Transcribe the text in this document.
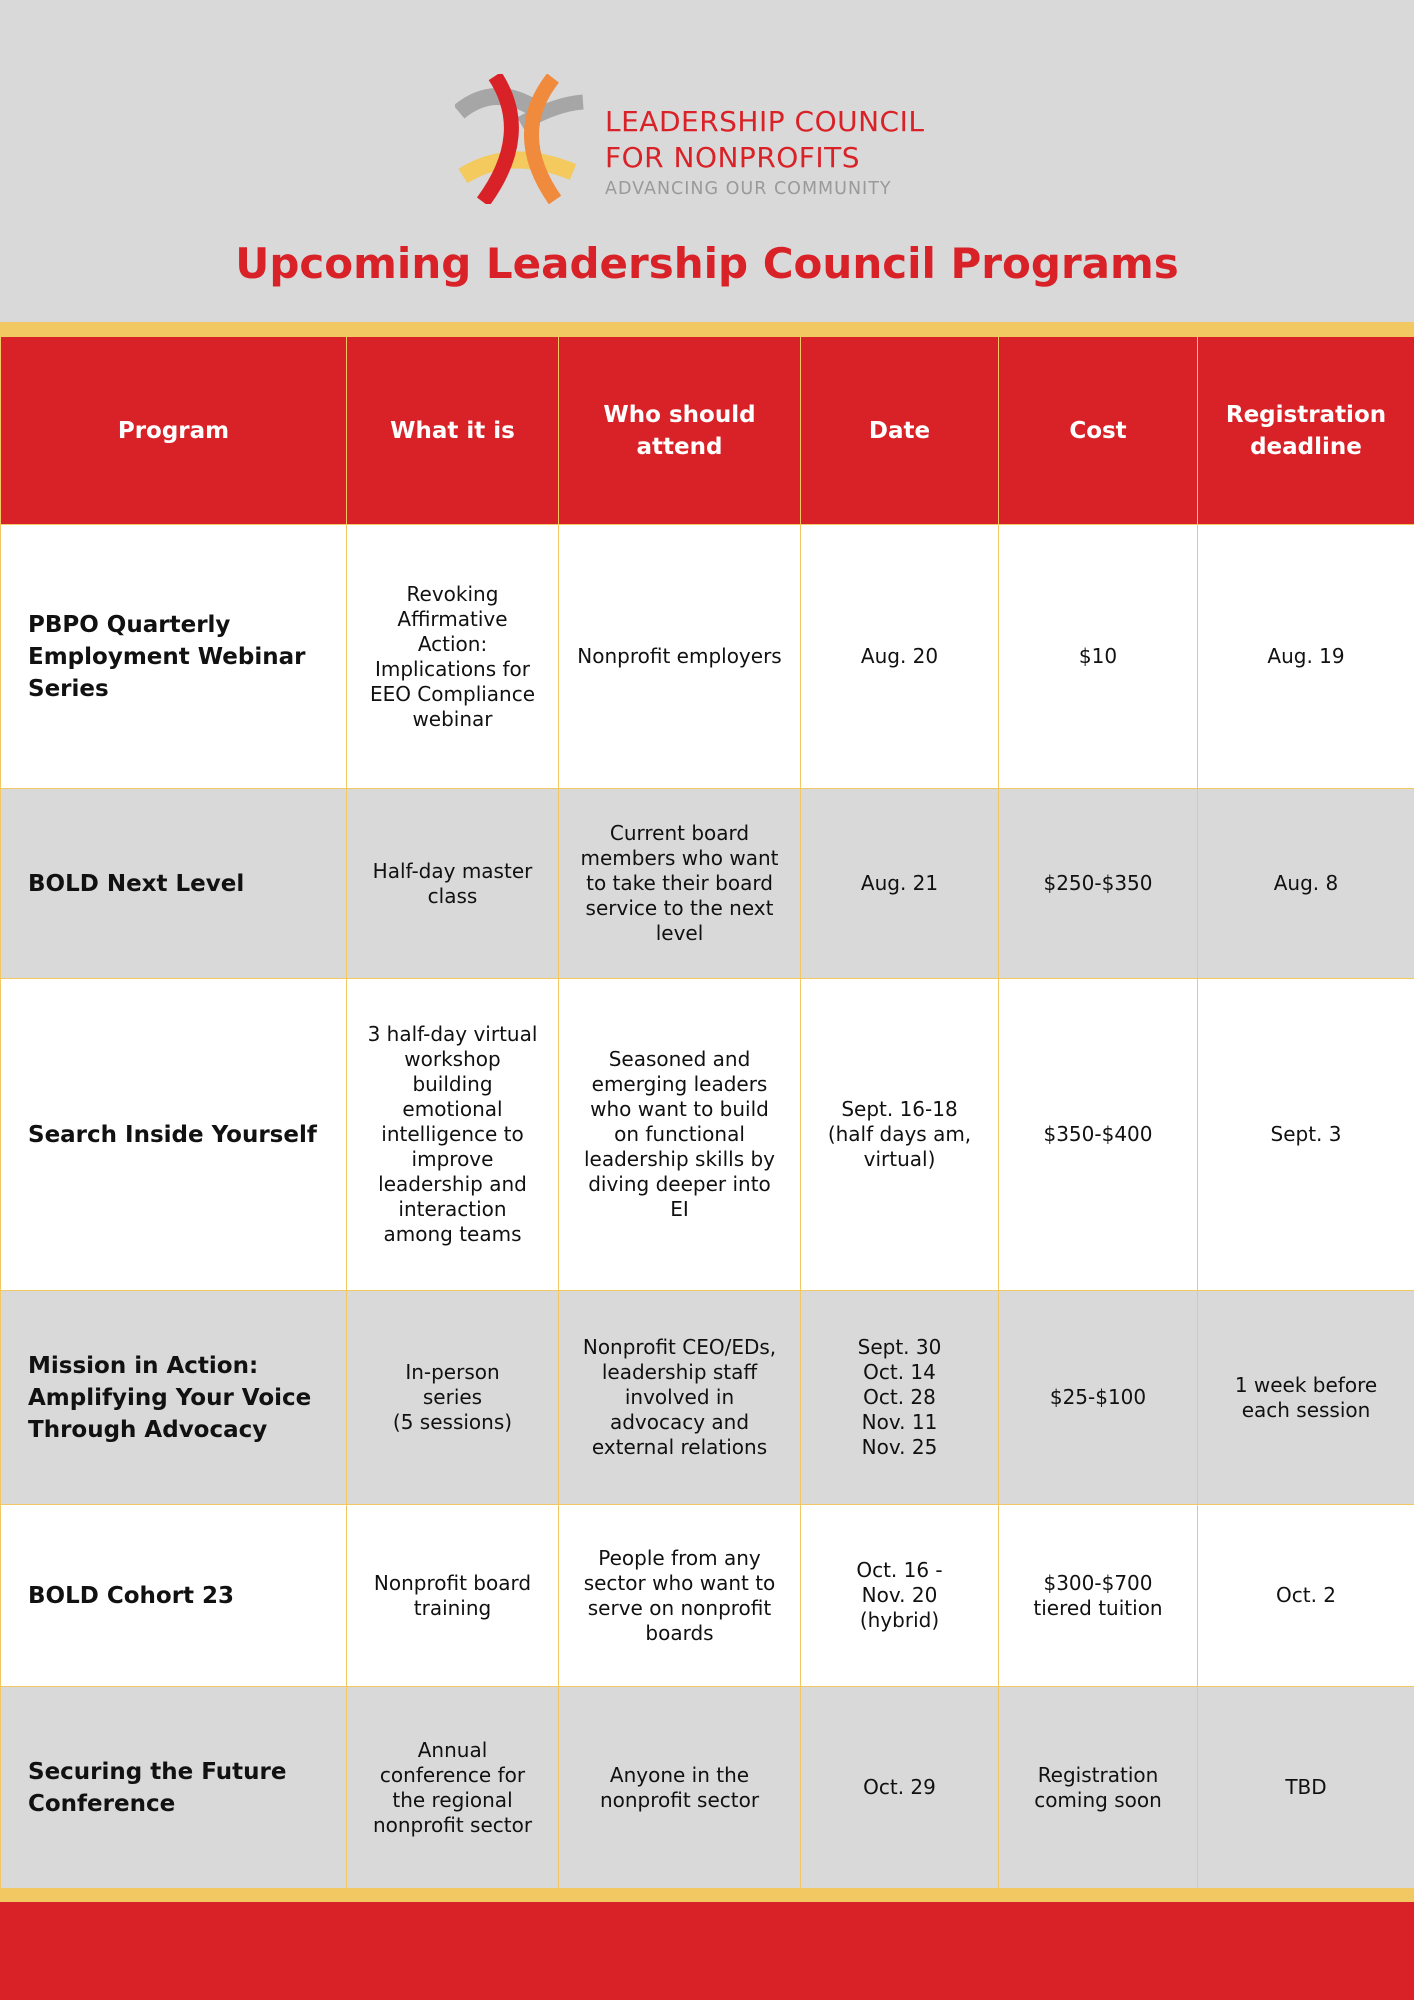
LEADERSHIP COUNCIL
FOR NONPROFITS
ADVANCING OUR COMMUNITY
Upcoming Leadership Council Programs
Program	What it is	Who should attend	Date	Cost	Registration deadline
PBPO Quarterly Employment Webinar Series	Revoking Affirmative Action: Implications for EEO Compliance webinar	Nonprofit employers	Aug. 20	$10	Aug. 19
BOLD Next Level	Half-day master class	Current board members who want to take their board service to the next level	Aug. 21	$250-$350	Aug. 8
Search Inside Yourself	3 half-day virtual workshop building emotional intelligence to improve leadership and interaction among teams	Seasoned and emerging leaders who want to build on functional leadership skills by diving deeper into EI	Sept. 16-18
(half days am,
virtual)	$350-$400	Sept. 3
Mission in Action: Amplifying Your Voice Through Advocacy	In-person
series
(5 sessions)	Nonprofit CEO/EDs, leadership staff involved in advocacy and external relations	Sept. 30
Oct. 14
Oct. 28
Nov. 11
Nov. 25	$25-$100	1 week before each session
BOLD Cohort 23	Nonprofit board training	People from any sector who want to serve on nonprofit boards	Oct. 16 -
Nov. 20
(hybrid)	$300-$700
tiered tuition	Oct. 2
Securing the Future Conference	Annual conference for the regional nonprofit sector	Anyone in the nonprofit sector	Oct. 29	Registration coming soon	TBD
